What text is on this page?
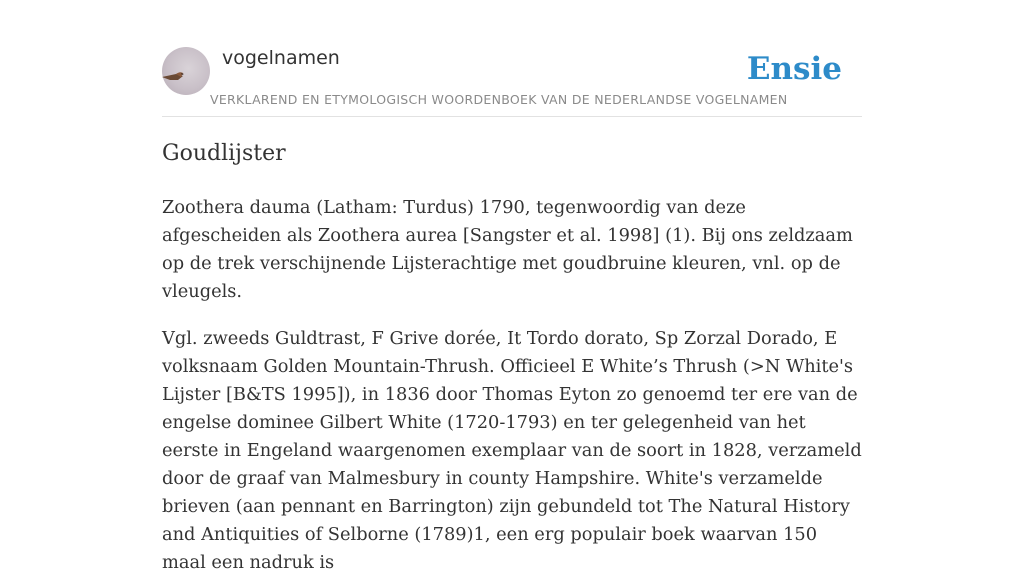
vogelnamen
VERKLAREND EN ETYMOLOGISCH WOORDENBOEK VAN DE NEDERLANDSE VOGELNAMEN
Ensie
Goudlijster

Zoothera dauma (Latham: Turdus) 1790, tegenwoordig van deze afgescheiden als Zoothera aurea [Sangster et al. 1998] (1). Bij ons zeldzaam op de trek verschijnende Lijsterachtige met goudbruine kleuren, vnl. op de vleugels.

Vgl. zweeds Guldtrast, F Grive dorée, It Tordo dorato, Sp Zorzal Dorado, E volksnaam Golden Mountain-Thrush. Officieel E White’s Thrush (>N White's Lijster [B&TS 1995]), in 1836 door Thomas Eyton zo genoemd ter ere van de engelse dominee Gilbert White (1720-1793) en ter gelegenheid van het eerste in Engeland waargenomen exemplaar van de soort in 1828, verzameld door de graaf van Malmesbury in county Hampshire. White's verzamelde brieven (aan pennant en Barrington) zijn gebundeld tot The Natural History and Antiquities of Selborne (1789)1, een erg populair boek waarvan 150 maal een nadruk is
